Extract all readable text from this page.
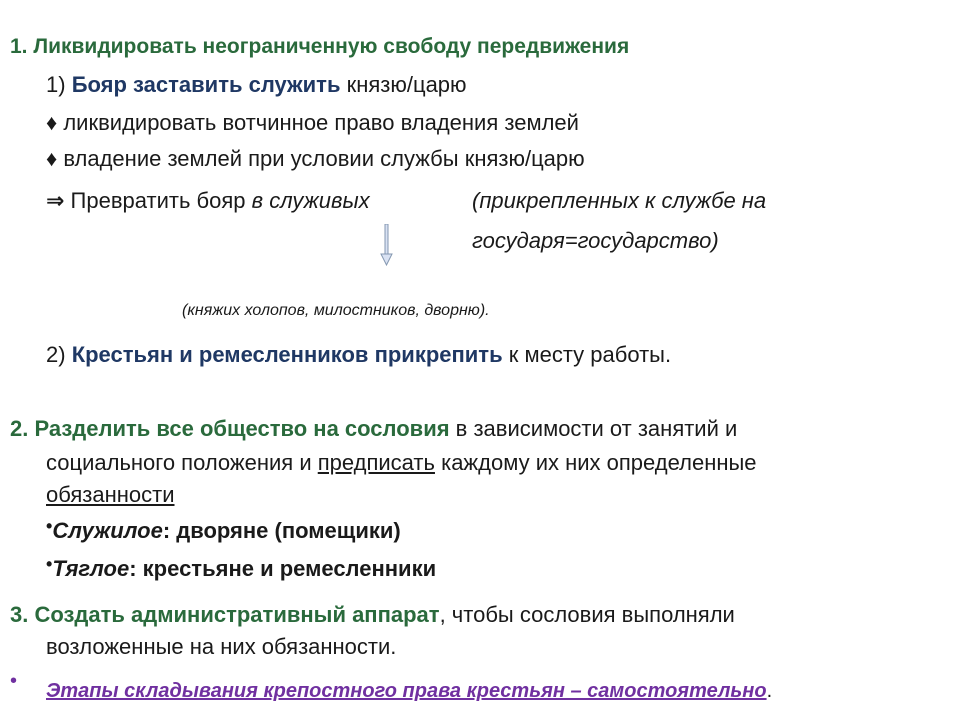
1. Ликвидировать неограниченную свободу передвижения
1) Бояр заставить служить князю/царю
♦ ликвидировать вотчинное право владения землей
♦ владение землей при условии службы князю/царю
⇒ Превратить бояр в служивых	(прикрепленных к службе на
государя=государство)
(княжих холопов, милостников, дворню).
2) Крестьян и ремесленников прикрепить к месту работы.
2. Разделить все общество на сословия в зависимости от занятий и
социального положения и предписать каждому их них определенные
обязанности
•Служилое: дворяне (помещики)
•Тяглое: крестьяне и ремесленники
3. Создать административный аппарат, чтобы сословия выполняли
возложенные на них обязанности.
• Этапы складывания крепостного права крестьян – самостоятельно.
